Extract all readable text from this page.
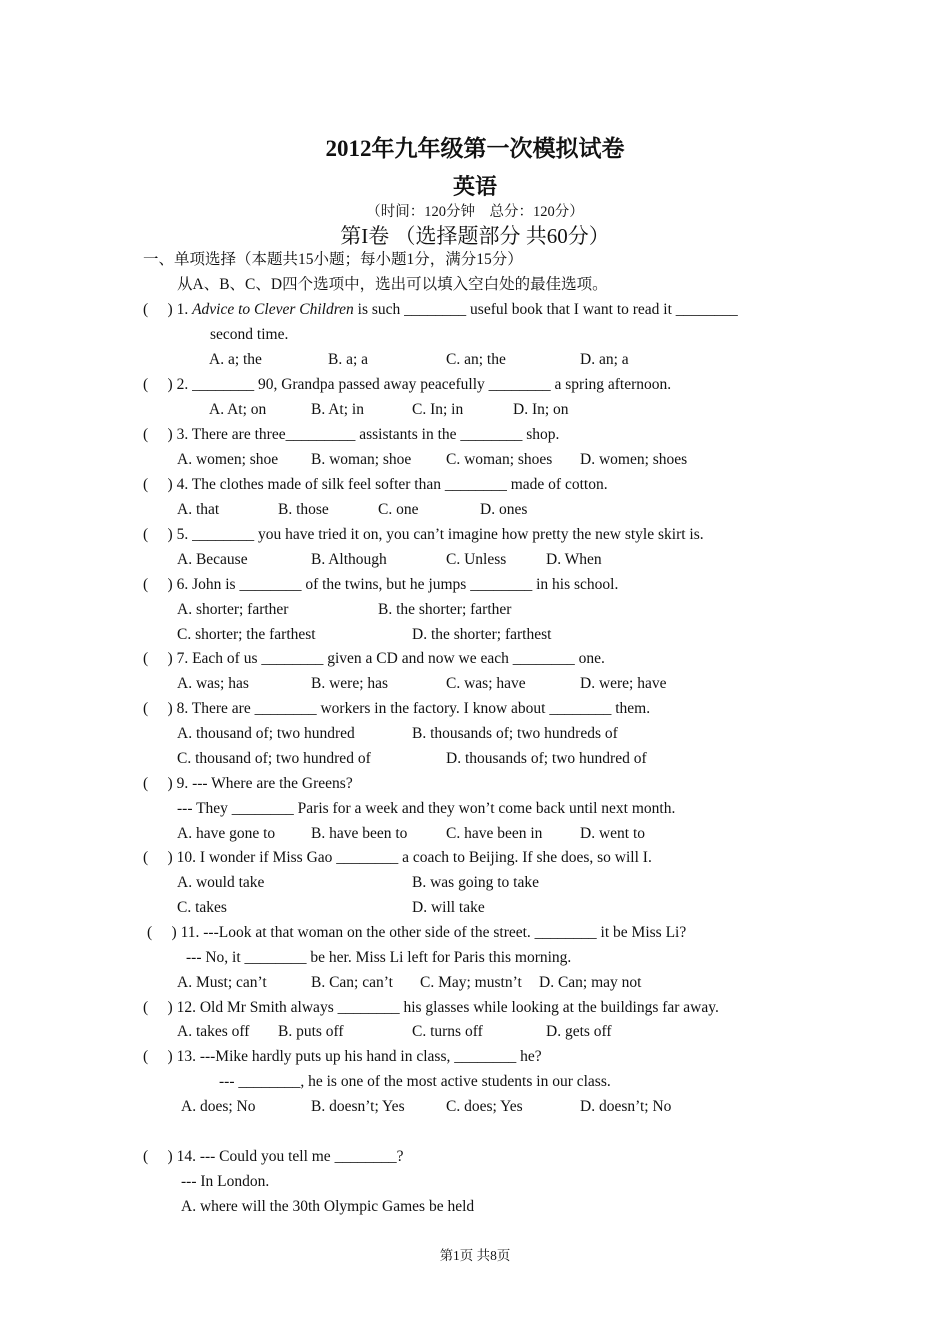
2012年九年级第一次模拟试卷
英语
（时间：120分钟　总分：120分）
第I卷 （选择题部分 共60分）
一、单项选择（本题共15小题；每小题1分，满分15分）
从A、B、C、D四个选项中，选出可以填入空白处的最佳选项。
(　 ) 1. Advice to Clever Children is such ________ useful book that I want to read it ________
second time.
A. a; the	B. a; a	C. an; the	D. an; a
(　 ) 2. ________ 90, Grandpa passed away peacefully ________ a spring afternoon.
A. At; on	B. At; in	C. In; in	D. In; on
(　 ) 3. There are three_________ assistants in the ________ shop.
A. women; shoe B. woman; shoe C. woman; shoes D. women; shoes
(　 ) 4. The clothes made of silk feel softer than ________ made of cotton.
A. that	B. those	C. one	D. ones
(　 ) 5. ________ you have tried it on, you can’t imagine how pretty the new style skirt is.
A. Because	B. Although	C. Unless	D. When
(　 ) 6. John is ________ of the twins, but he jumps ________ in his school.
A. shorter; farther	B. the shorter; farther
C. shorter; the farthest	D. the shorter; farthest
(　 ) 7. Each of us ________ given a CD and now we each ________ one.
A. was; has	B. were; has	C. was; have	D. were; have
(　 ) 8. There are ________ workers in the factory. I know about ________ them.
A. thousand of; two hundred	B. thousands of; two hundreds of
C. thousand of; two hundred of	D. thousands of; two hundred of
(　 ) 9. --- Where are the Greens?
--- They ________ Paris for a week and they won’t come back until next month.
A. have gone to B. have been to C. have been in D. went to
(　 ) 10. I wonder if Miss Gao ________ a coach to Beijing. If she does, so will I.
A. would take	B. was going to take
C. takes	D. will take
(　 ) 11. ---Look at that woman on the other side of the street. ________ it be Miss Li?
--- No, it ________ be her. Miss Li left for Paris this morning.
A. Must; can’t	B. Can; can’t C. May; mustn’t D. Can; may not
(　 ) 12. Old Mr Smith always ________ his glasses while looking at the buildings far away.
A. takes off B. puts off	C. turns off	D. gets off
(　 ) 13. ---Mike hardly puts up his hand in class, ________ he?
--- ________, he is one of the most active students in our class.
A. does; No	B. doesn’t; Yes	C. does; Yes	D. doesn’t; No
(　 ) 14. --- Could you tell me ________?
--- In London.
A. where will the 30th Olympic Games be held
第1页 共8页
